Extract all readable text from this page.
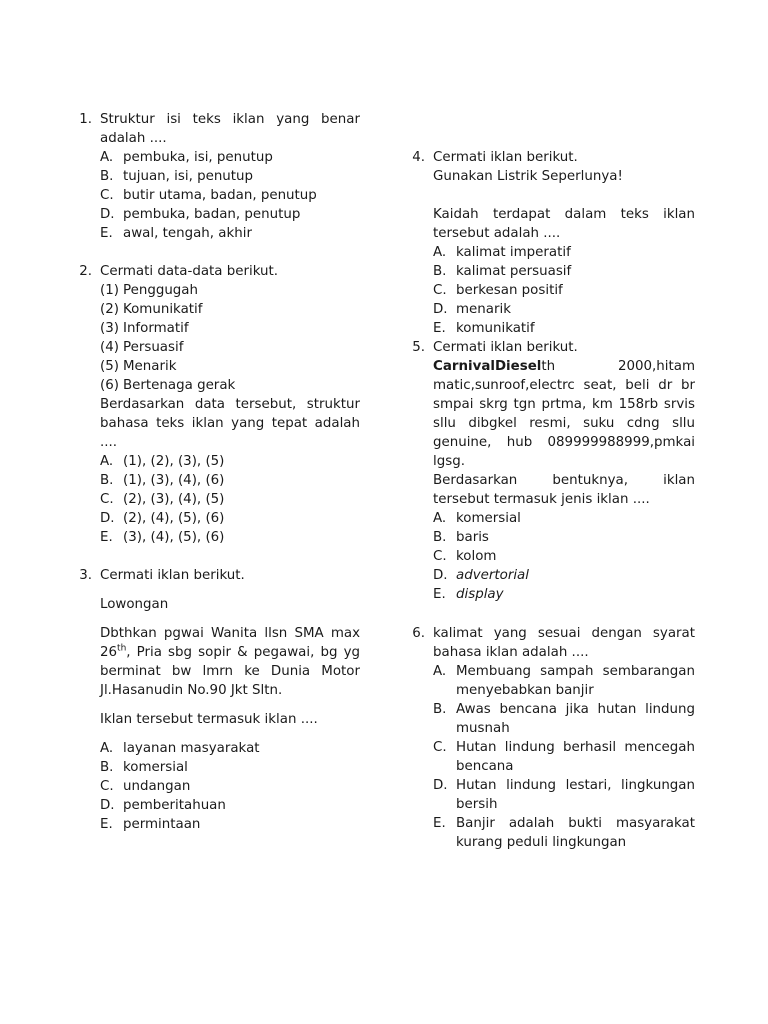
1. Struktur isi teks iklan yang benar
adalah ....
A. pembuka, isi, penutup
B. tujuan, isi, penutup
C. butir utama, badan, penutup
D. pembuka, badan, penutup
E. awal, tengah, akhir
2. Cermati data-data berikut.
(1) Penggugah
(2) Komunikatif
(3) Informatif
(4) Persuasif
(5) Menarik
(6) Bertenaga gerak
Berdasarkan data tersebut, struktur
bahasa teks iklan yang tepat adalah
....
A. (1), (2), (3), (5)
B. (1), (3), (4), (6)
C. (2), (3), (4), (5)
D. (2), (4), (5), (6)
E. (3), (4), (5), (6)
3. Cermati iklan berikut.
Lowongan
Dbthkan pgwai Wanita llsn SMA max
26th, Pria sbg sopir & pegawai, bg yg
berminat bw lmrn ke Dunia Motor
Jl.Hasanudin No.90 Jkt Sltn.
Iklan tersebut termasuk iklan ....
A. layanan masyarakat
B. komersial
C. undangan
D. pemberitahuan
E. permintaan
4. Cermati iklan berikut.
Gunakan Listrik Seperlunya!
Kaidah terdapat dalam teks iklan
tersebut adalah ....
A. kalimat imperatif
B. kalimat persuasif
C. berkesan positif
D. menarik
E. komunikatif
5. Cermati iklan berikut.
CarnivalDieselth	2000,hitam
matic,sunroof,electrc seat, beli dr br
smpai skrg tgn prtma, km 158rb srvis
sllu dibgkel resmi, suku cdng sllu
genuine, hub 089999988999,pmkai
lgsg.
Berdasarkan bentuknya, iklan
tersebut termasuk jenis iklan ....
A. komersial
B. baris
C. kolom
D. advertorial
E. display
6. kalimat yang sesuai dengan syarat
bahasa iklan adalah ....
A. Membuang sampah sembarangan menyebabkan banjir
B. Awas bencana jika hutan lindung musnah
C. Hutan lindung berhasil mencegah bencana
D. Hutan lindung lestari, lingkungan bersih
E. Banjir adalah bukti masyarakat kurang peduli lingkungan
